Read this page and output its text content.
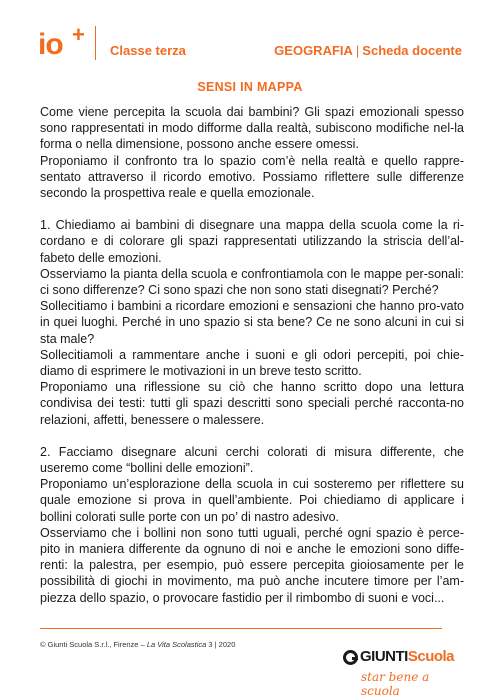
io +
Classe terza	GEOGRAFIA | Scheda docente
SENSI IN MAPPA

Come viene percepita la scuola dai bambini? Gli spazi emozionali spesso sono rappresentati in modo difforme dalla realtà, subiscono modifiche nel-la forma o nella dimensione, possono anche essere omessi.

Proponiamo il confronto tra lo spazio com’è nella realtà e quello rappre-sentato attraverso il ricordo emotivo. Possiamo riflettere sulle differenze secondo la prospettiva reale e quella emozionale.

1. Chiediamo ai bambini di disegnare una mappa della scuola come la ri-cordano e di colorare gli spazi rappresentati utilizzando la striscia dell’al-fabeto delle emozioni.

Osserviamo la pianta della scuola e confrontiamola con le mappe per-sonali: ci sono differenze? Ci sono spazi che non sono stati disegnati? Perché?

Sollecitiamo i bambini a ricordare emozioni e sensazioni che hanno pro-vato in quei luoghi. Perché in uno spazio si sta bene? Ce ne sono alcuni in cui si sta male?

Sollecitiamoli a rammentare anche i suoni e gli odori percepiti, poi chie-diamo di esprimere le motivazioni in un breve testo scritto.

Proponiamo una riflessione su ciò che hanno scritto dopo una lettura condivisa dei testi: tutti gli spazi descritti sono speciali perché racconta-no relazioni, affetti, benessere o malessere.

2. Facciamo disegnare alcuni cerchi colorati di misura differente, che useremo come “bollini delle emozioni”.

Proponiamo un’esplorazione della scuola in cui sosteremo per riflettere su quale emozione si prova in quell’ambiente. Poi chiediamo di applicare i bollini colorati sulle porte con un po’ di nastro adesivo.

Osserviamo che i bollini non sono tutti uguali, perché ogni spazio è perce-pito in maniera differente da ognuno di noi e anche le emozioni sono diffe-renti: la palestra, per esempio, può essere percepita gioiosamente per le possibilità di giochi in movimento, ma può anche incutere timore per l’am-piezza dello spazio, o provocare fastidio per il rimbombo di suoni e voci...

© Giunti Scuola S.r.l., Firenze – La Vita Scolastica 3 | 2020
GIUNTIScuola
star bene a scuola
